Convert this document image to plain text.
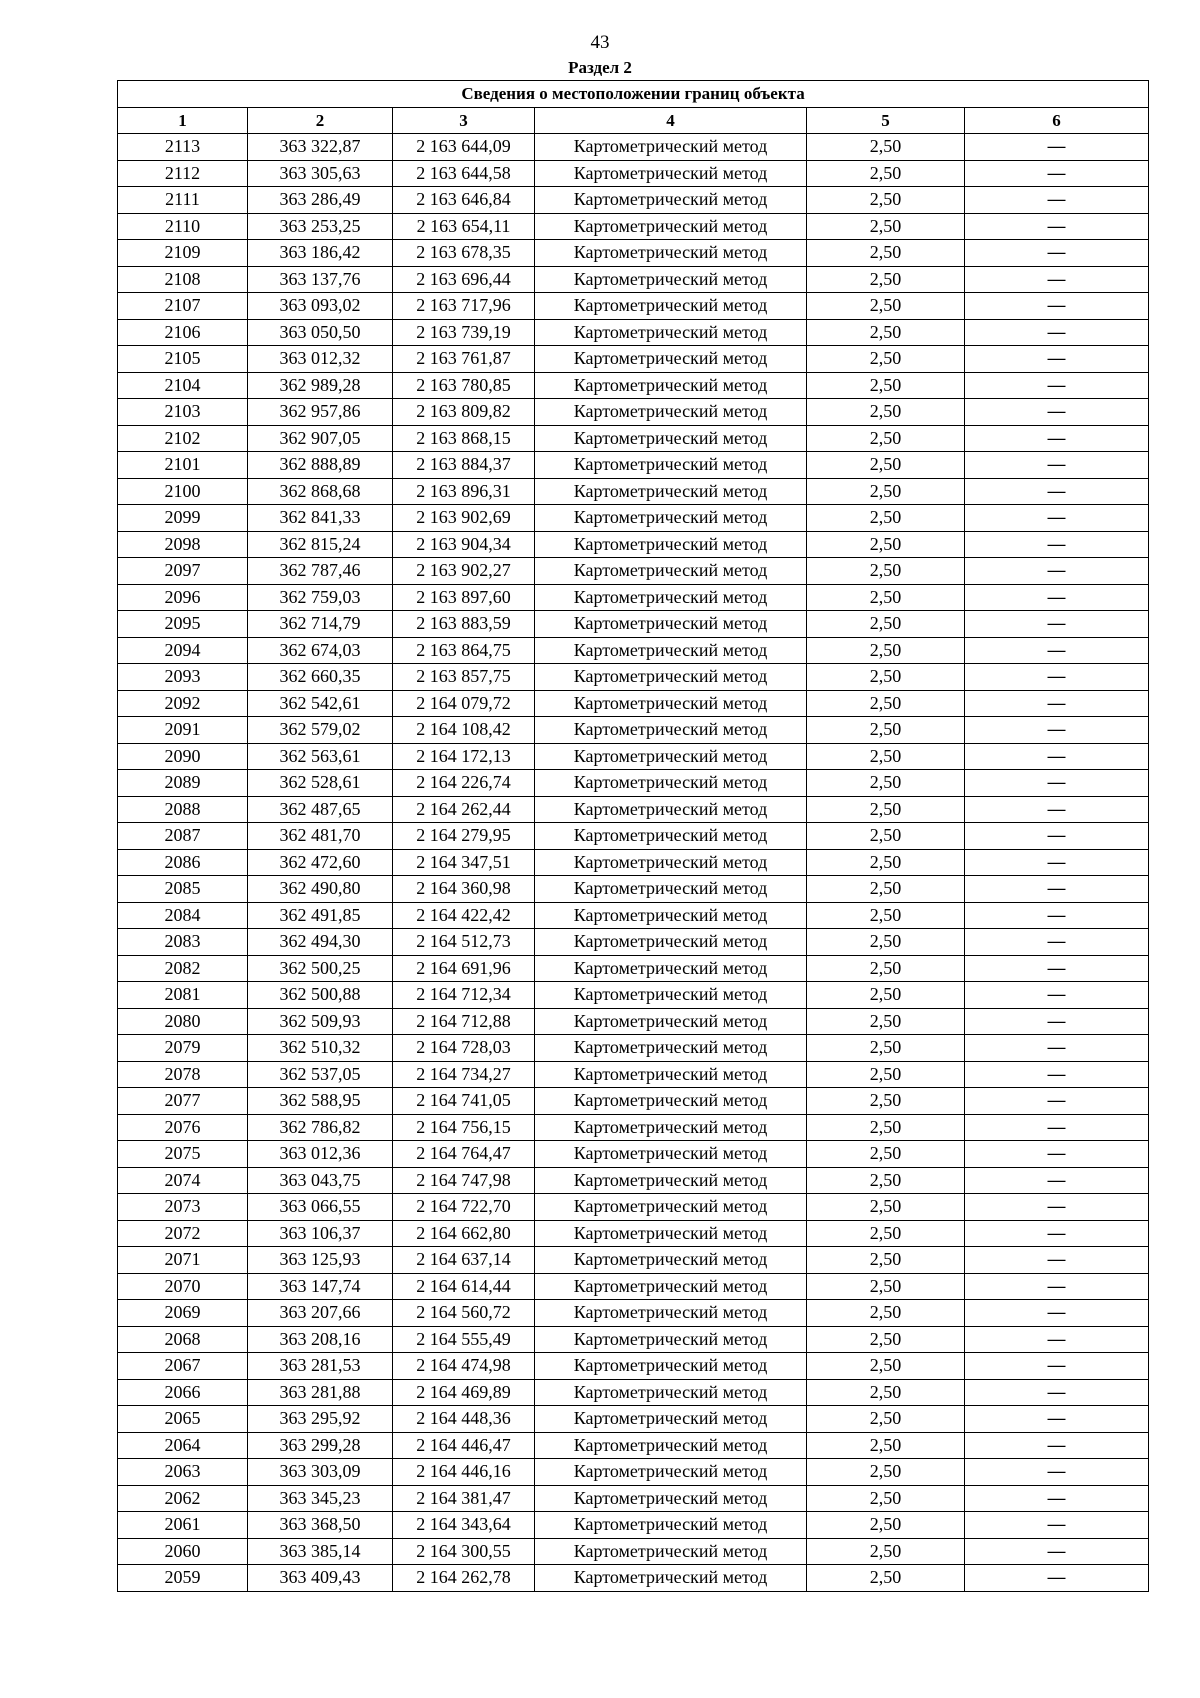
43
Раздел 2
Сведения о местоположении границ объекта					
1	2	3	4	5	6
2113	363 322,87	2 163 644,09	Картометрический метод	2,50	—
2112	363 305,63	2 163 644,58	Картометрический метод	2,50	—
2111	363 286,49	2 163 646,84	Картометрический метод	2,50	—
2110	363 253,25	2 163 654,11	Картометрический метод	2,50	—
2109	363 186,42	2 163 678,35	Картометрический метод	2,50	—
2108	363 137,76	2 163 696,44	Картометрический метод	2,50	—
2107	363 093,02	2 163 717,96	Картометрический метод	2,50	—
2106	363 050,50	2 163 739,19	Картометрический метод	2,50	—
2105	363 012,32	2 163 761,87	Картометрический метод	2,50	—
2104	362 989,28	2 163 780,85	Картометрический метод	2,50	—
2103	362 957,86	2 163 809,82	Картометрический метод	2,50	—
2102	362 907,05	2 163 868,15	Картометрический метод	2,50	—
2101	362 888,89	2 163 884,37	Картометрический метод	2,50	—
2100	362 868,68	2 163 896,31	Картометрический метод	2,50	—
2099	362 841,33	2 163 902,69	Картометрический метод	2,50	—
2098	362 815,24	2 163 904,34	Картометрический метод	2,50	—
2097	362 787,46	2 163 902,27	Картометрический метод	2,50	—
2096	362 759,03	2 163 897,60	Картометрический метод	2,50	—
2095	362 714,79	2 163 883,59	Картометрический метод	2,50	—
2094	362 674,03	2 163 864,75	Картометрический метод	2,50	—
2093	362 660,35	2 163 857,75	Картометрический метод	2,50	—
2092	362 542,61	2 164 079,72	Картометрический метод	2,50	—
2091	362 579,02	2 164 108,42	Картометрический метод	2,50	—
2090	362 563,61	2 164 172,13	Картометрический метод	2,50	—
2089	362 528,61	2 164 226,74	Картометрический метод	2,50	—
2088	362 487,65	2 164 262,44	Картометрический метод	2,50	—
2087	362 481,70	2 164 279,95	Картометрический метод	2,50	—
2086	362 472,60	2 164 347,51	Картометрический метод	2,50	—
2085	362 490,80	2 164 360,98	Картометрический метод	2,50	—
2084	362 491,85	2 164 422,42	Картометрический метод	2,50	—
2083	362 494,30	2 164 512,73	Картометрический метод	2,50	—
2082	362 500,25	2 164 691,96	Картометрический метод	2,50	—
2081	362 500,88	2 164 712,34	Картометрический метод	2,50	—
2080	362 509,93	2 164 712,88	Картометрический метод	2,50	—
2079	362 510,32	2 164 728,03	Картометрический метод	2,50	—
2078	362 537,05	2 164 734,27	Картометрический метод	2,50	—
2077	362 588,95	2 164 741,05	Картометрический метод	2,50	—
2076	362 786,82	2 164 756,15	Картометрический метод	2,50	—
2075	363 012,36	2 164 764,47	Картометрический метод	2,50	—
2074	363 043,75	2 164 747,98	Картометрический метод	2,50	—
2073	363 066,55	2 164 722,70	Картометрический метод	2,50	—
2072	363 106,37	2 164 662,80	Картометрический метод	2,50	—
2071	363 125,93	2 164 637,14	Картометрический метод	2,50	—
2070	363 147,74	2 164 614,44	Картометрический метод	2,50	—
2069	363 207,66	2 164 560,72	Картометрический метод	2,50	—
2068	363 208,16	2 164 555,49	Картометрический метод	2,50	—
2067	363 281,53	2 164 474,98	Картометрический метод	2,50	—
2066	363 281,88	2 164 469,89	Картометрический метод	2,50	—
2065	363 295,92	2 164 448,36	Картометрический метод	2,50	—
2064	363 299,28	2 164 446,47	Картометрический метод	2,50	—
2063	363 303,09	2 164 446,16	Картометрический метод	2,50	—
2062	363 345,23	2 164 381,47	Картометрический метод	2,50	—
2061	363 368,50	2 164 343,64	Картометрический метод	2,50	—
2060	363 385,14	2 164 300,55	Картометрический метод	2,50	—
2059	363 409,43	2 164 262,78	Картометрический метод	2,50	—
